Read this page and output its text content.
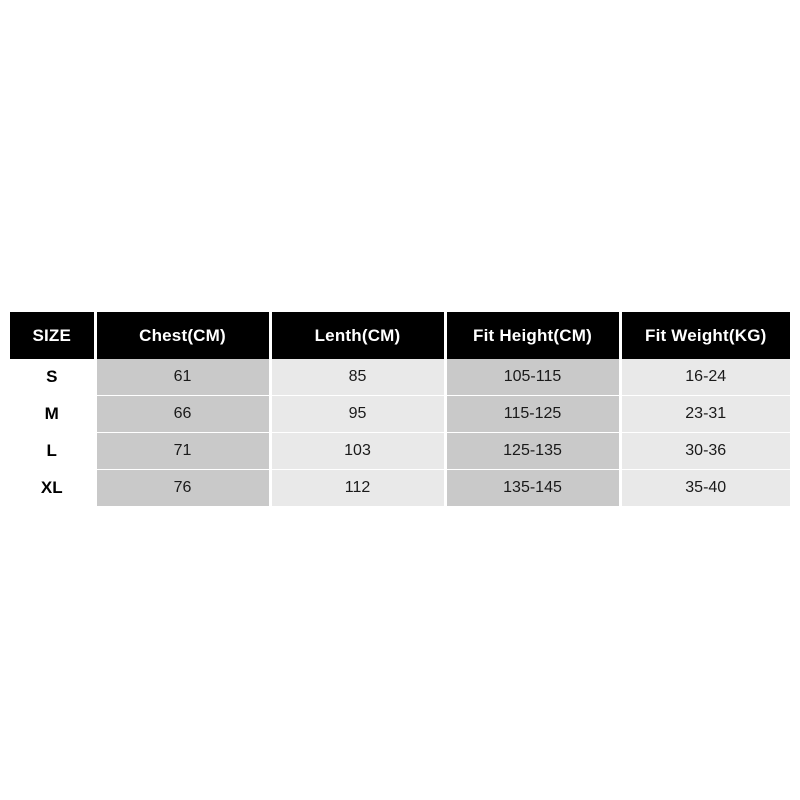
SIZE	Chest(CM)	Lenth(CM)	Fit Height(CM)	Fit Weight(KG)
S	61	85	105-115	16-24
M	66	95	115-125	23-31
L	71	103	125-135	30-36
XL	76	112	135-145	35-40
